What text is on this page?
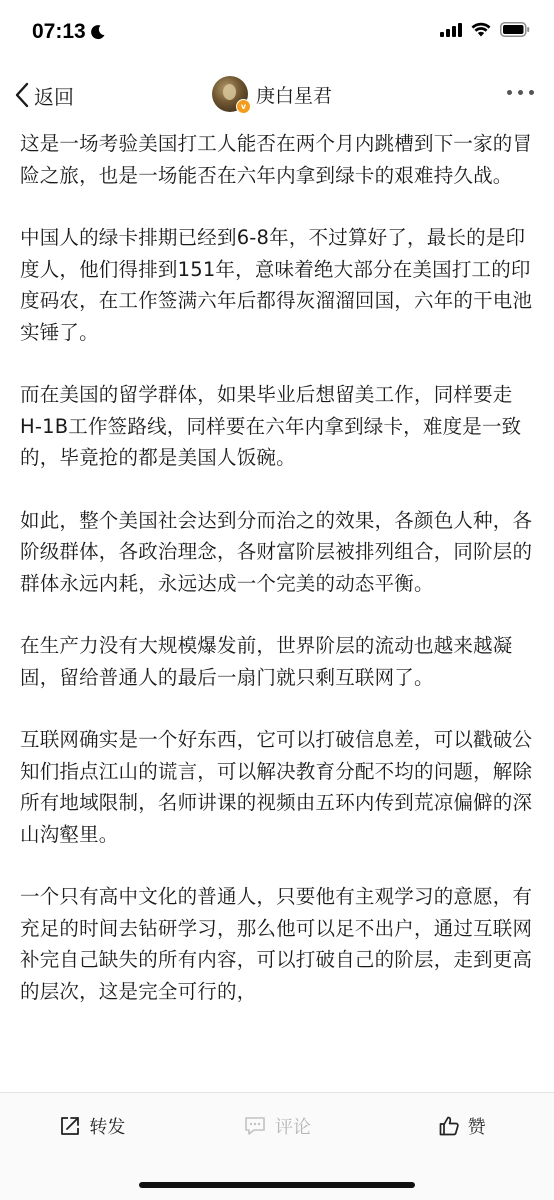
07:13
返回	v 庚白星君

这是一场考验美国打工人能否在两个月内跳槽到下一家的冒险之旅，也是一场能否在六年内拿到绿卡的艰难持久战。

中国人的绿卡排期已经到6-8年，不过算好了，最长的是印度人，他们得排到151年，意味着绝大部分在美国打工的印度码农，在工作签满六年后都得灰溜溜回国，六年的干电池实锤了。

而在美国的留学群体，如果毕业后想留美工作，同样要走H-1B工作签路线，同样要在六年内拿到绿卡，难度是一致的，毕竟抢的都是美国人饭碗。

如此，整个美国社会达到分而治之的效果，各颜色人种，各阶级群体，各政治理念，各财富阶层被排列组合，同阶层的群体永远内耗，永远达成一个完美的动态平衡。

在生产力没有大规模爆发前，世界阶层的流动也越来越凝固，留给普通人的最后一扇门就只剩互联网了。

互联网确实是一个好东西，它可以打破信息差，可以戳破公知们指点江山的谎言，可以解决教育分配不均的问题，解除所有地域限制，名师讲课的视频由五环内传到荒凉偏僻的深山沟壑里。

一个只有高中文化的普通人，只要他有主观学习的意愿，有充足的时间去钻研学习，那么他可以足不出户，通过互联网补完自己缺失的所有内容，可以打破自己的阶层，走到更高的层次，这是完全可行的，

转发	评论	赞
